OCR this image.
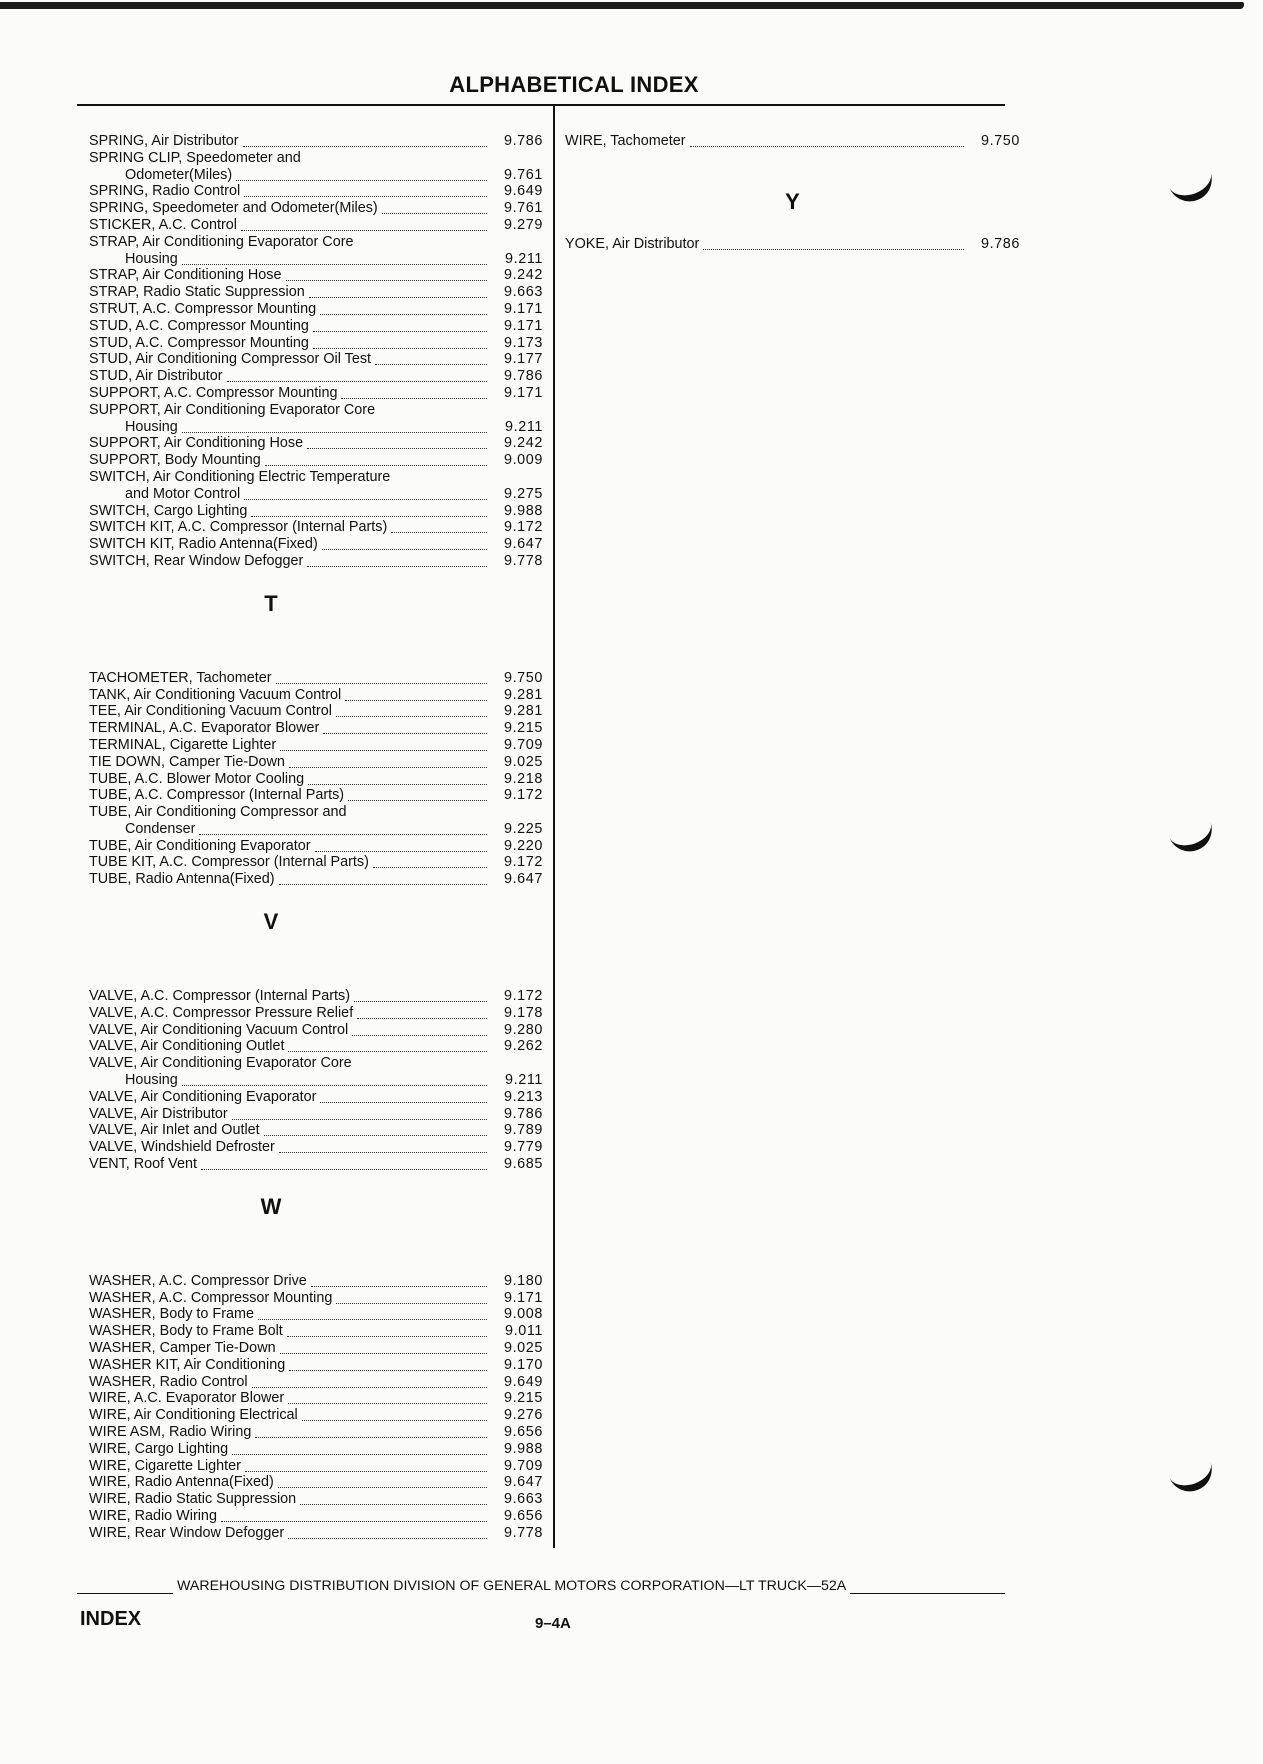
ALPHABETICAL INDEX
SPRING, Air Distributor	9.786
SPRING CLIP, Speedometer and
Odometer(Miles)	9.761
SPRING, Radio Control	9.649
SPRING, Speedometer and Odometer(Miles)	9.761
STICKER, A.C. Control	9.279
STRAP, Air Conditioning Evaporator Core
Housing	9.211
STRAP, Air Conditioning Hose	9.242
STRAP, Radio Static Suppression	9.663
STRUT, A.C. Compressor Mounting	9.171
STUD, A.C. Compressor Mounting	9.171
STUD, A.C. Compressor Mounting	9.173
STUD, Air Conditioning Compressor Oil Test	9.177
STUD, Air Distributor	9.786
SUPPORT, A.C. Compressor Mounting	9.171
SUPPORT, Air Conditioning Evaporator Core
Housing	9.211
SUPPORT, Air Conditioning Hose	9.242
SUPPORT, Body Mounting	9.009
SWITCH, Air Conditioning Electric Temperature
and Motor Control	9.275
SWITCH, Cargo Lighting	9.988
SWITCH KIT, A.C. Compressor (Internal Parts)	9.172
SWITCH KIT, Radio Antenna(Fixed)	9.647
SWITCH, Rear Window Defogger	9.778
T
TACHOMETER, Tachometer	9.750
TANK, Air Conditioning Vacuum Control	9.281
TEE, Air Conditioning Vacuum Control	9.281
TERMINAL, A.C. Evaporator Blower	9.215
TERMINAL, Cigarette Lighter	9.709
TIE DOWN, Camper Tie-Down	9.025
TUBE, A.C. Blower Motor Cooling	9.218
TUBE, A.C. Compressor (Internal Parts)	9.172
TUBE, Air Conditioning Compressor and
Condenser	9.225
TUBE, Air Conditioning Evaporator	9.220
TUBE KIT, A.C. Compressor (Internal Parts)	9.172
TUBE, Radio Antenna(Fixed)	9.647
V
VALVE, A.C. Compressor (Internal Parts)	9.172
VALVE, A.C. Compressor Pressure Relief	9.178
VALVE, Air Conditioning Vacuum Control	9.280
VALVE, Air Conditioning Outlet	9.262
VALVE, Air Conditioning Evaporator Core
Housing	9.211
VALVE, Air Conditioning Evaporator	9.213
VALVE, Air Distributor	9.786
VALVE, Air Inlet and Outlet	9.789
VALVE, Windshield Defroster	9.779
VENT, Roof Vent	9.685
W
WASHER, A.C. Compressor Drive	9.180
WASHER, A.C. Compressor Mounting	9.171
WASHER, Body to Frame	9.008
WASHER, Body to Frame Bolt	9.011
WASHER, Camper Tie-Down	9.025
WASHER KIT, Air Conditioning	9.170
WASHER, Radio Control	9.649
WIRE, A.C. Evaporator Blower	9.215
WIRE, Air Conditioning Electrical	9.276
WIRE ASM, Radio Wiring	9.656
WIRE, Cargo Lighting	9.988
WIRE, Cigarette Lighter	9.709
WIRE, Radio Antenna(Fixed)	9.647
WIRE, Radio Static Suppression	9.663
WIRE, Radio Wiring	9.656
WIRE, Rear Window Defogger	9.778
WIRE, Tachometer	9.750
Y
YOKE, Air Distributor	9.786
WAREHOUSING DISTRIBUTION DIVISION OF GENERAL MOTORS CORPORATION—LT TRUCK—52A
INDEX	9–4A
